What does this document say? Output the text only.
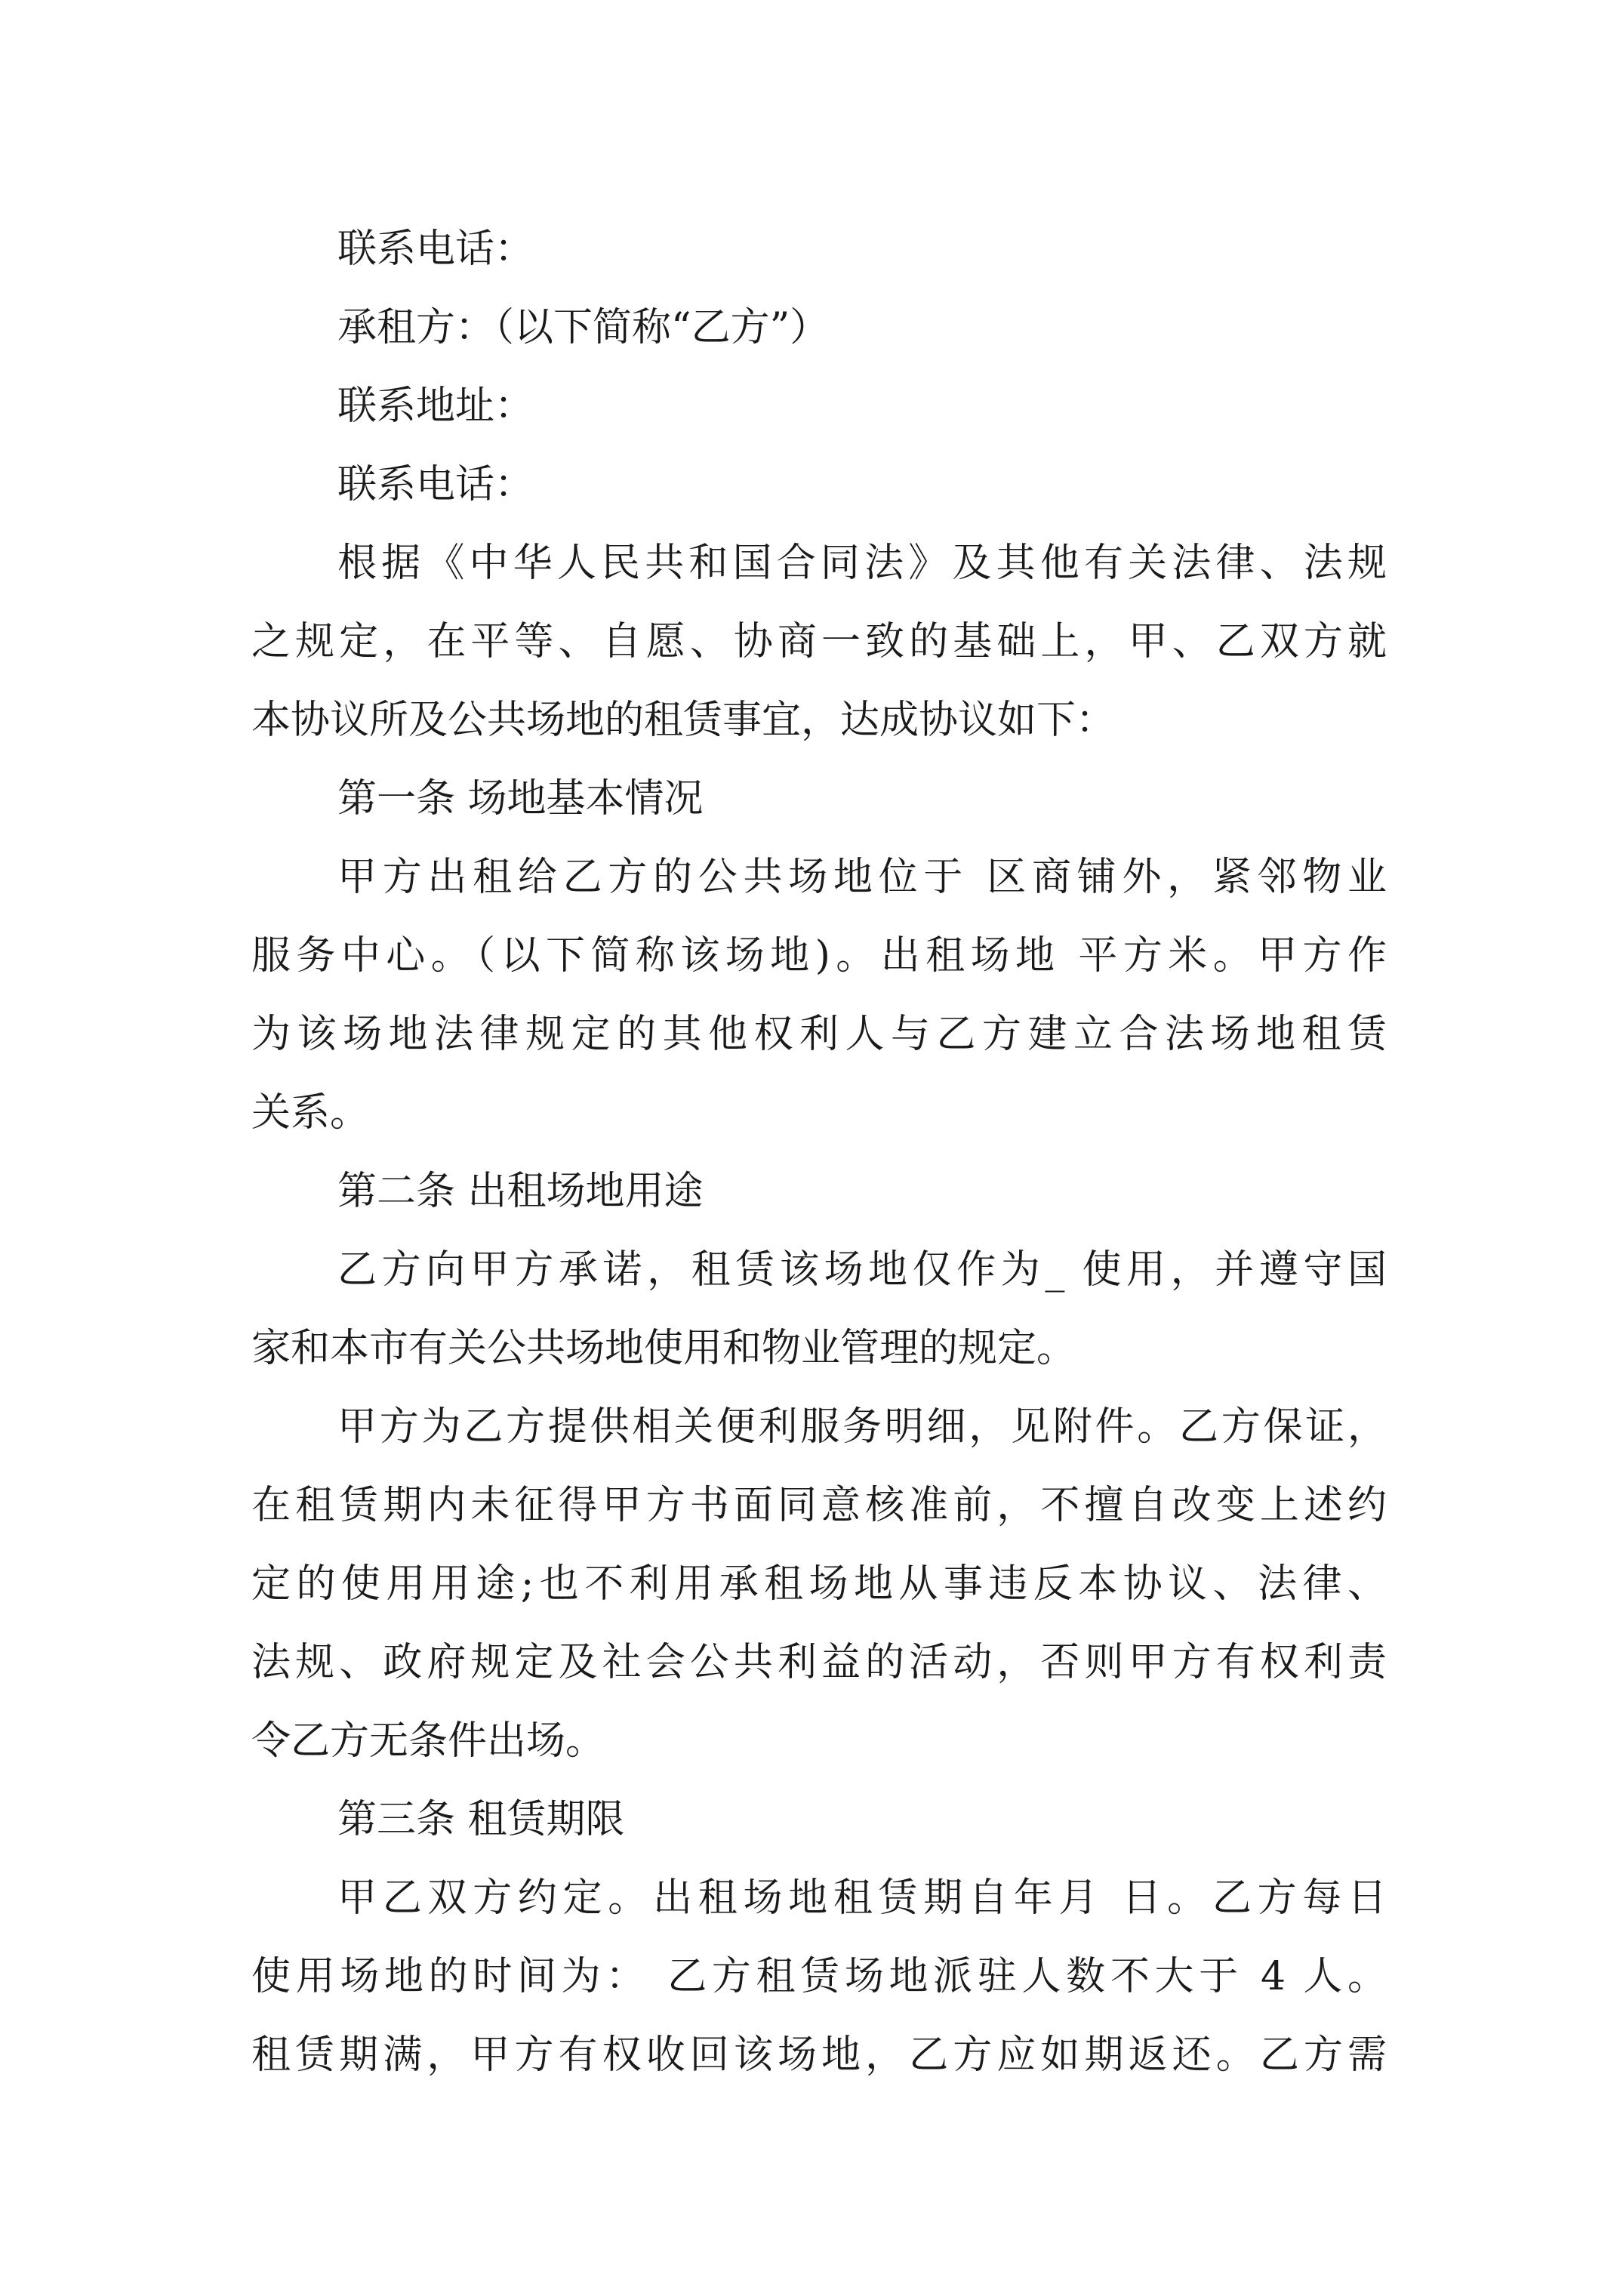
联系电话：
承租方：（以下简称“乙方”）
联系地址：
联系电话：
根据《中华人民共和国合同法》及其他有关法律、法规
之规定，在平等、自愿、协商一致的基础上，甲、乙双方就
本协议所及公共场地的租赁事宜，达成协议如下：
第一条 场地基本情况
甲方出租给乙方的公共场地位于 区商铺外，紧邻物业
服务中心。（以下简称该场地)。出租场地 平方米。甲方作
为该场地法律规定的其他权利人与乙方建立合法场地租赁
关系。
第二条 出租场地用途
乙方向甲方承诺，租赁该场地仅作为_ 使用，并遵守国
家和本市有关公共场地使用和物业管理的规定。
甲方为乙方提供相关便利服务明细，见附件。乙方保证，
在租赁期内未征得甲方书面同意核准前，不擅自改变上述约
定的使用用途;也不利用承租场地从事违反本协议、法律、
法规、政府规定及社会公共利益的活动，否则甲方有权利责
令乙方无条件出场。
第三条 租赁期限
甲乙双方约定。出租场地租赁期自年月 日。乙方每日
使用场地的时间为： 乙方租赁场地派驻人数不大于 4 人。
租赁期满，甲方有权收回该场地，乙方应如期返还。乙方需
